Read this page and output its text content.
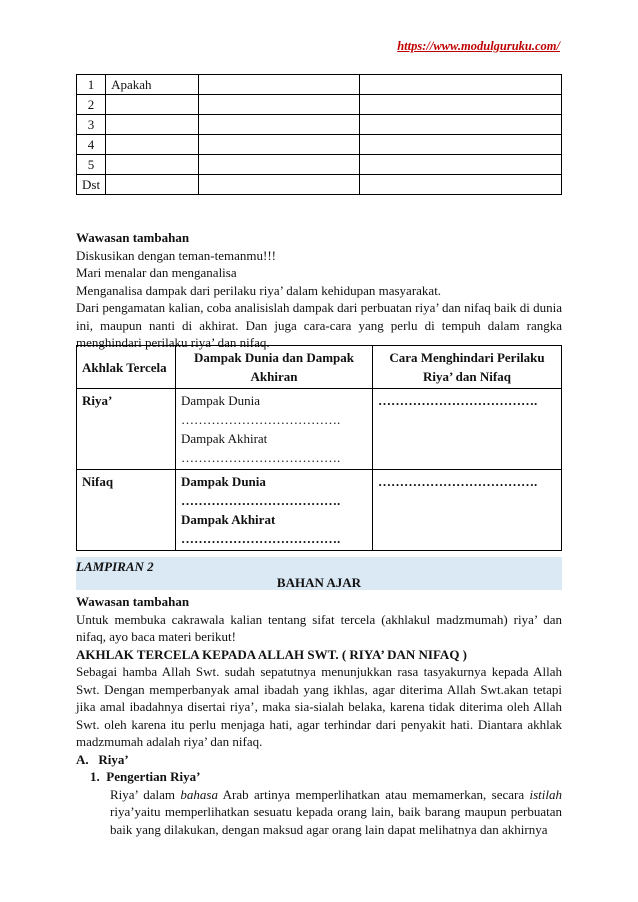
https://www.modulguruku.com/
1	Apakah		
2			
3			
4			
5			
Dst			

Wawasan tambahan

Diskusikan dengan teman-temanmu!!!

Mari menalar dan menganalisa

Menganalisa dampak dari perilaku riya’ dalam kehidupan masyarakat.

Dari pengamatan kalian, coba analisislah dampak dari perbuatan riya’ dan nifaq baik di dunia ini, maupun nanti di akhirat. Dan juga cara-cara yang perlu di tempuh dalam rangka menghindari perilaku riya’ dan nifaq.

Akhlak Tercela	Dampak Dunia dan Dampak Akhiran	Cara Menghindari Perilaku Riya’ dan Nifaq
Riya’	Dampak Dunia
……………………………….
Dampak Akhirat
……………………………….	……………………………….
Nifaq	Dampak Dunia
……………………………….
Dampak Akhirat
……………………………….	……………………………….
LAMPIRAN 2
BAHAN AJAR

Wawasan tambahan

Untuk membuka cakrawala kalian tentang sifat tercela (akhlakul madzmumah) riya’ dan nifaq, ayo baca materi berikut!

AKHLAK TERCELA KEPADA ALLAH SWT. ( RIYA’ DAN NIFAQ )

Sebagai hamba Allah Swt. sudah sepatutnya menunjukkan rasa tasyakurnya kepada Allah Swt. Dengan memperbanyak amal ibadah yang ikhlas, agar diterima Allah Swt.akan tetapi jika amal ibadahnya disertai riya’, maka sia-sialah belaka, karena tidak diterima oleh Allah Swt. oleh karena itu perlu menjaga hati, agar terhindar dari penyakit hati. Diantara akhlak madzmumah adalah riya’ dan nifaq.

A.   Riya’

1.  Pengertian Riya’

Riya’ dalam bahasa Arab artinya memperlihatkan atau memamerkan, secara istilah riya’yaitu memperlihatkan sesuatu kepada orang lain, baik barang maupun perbuatan baik yang dilakukan, dengan maksud agar orang lain dapat melihatnya dan akhirnya
